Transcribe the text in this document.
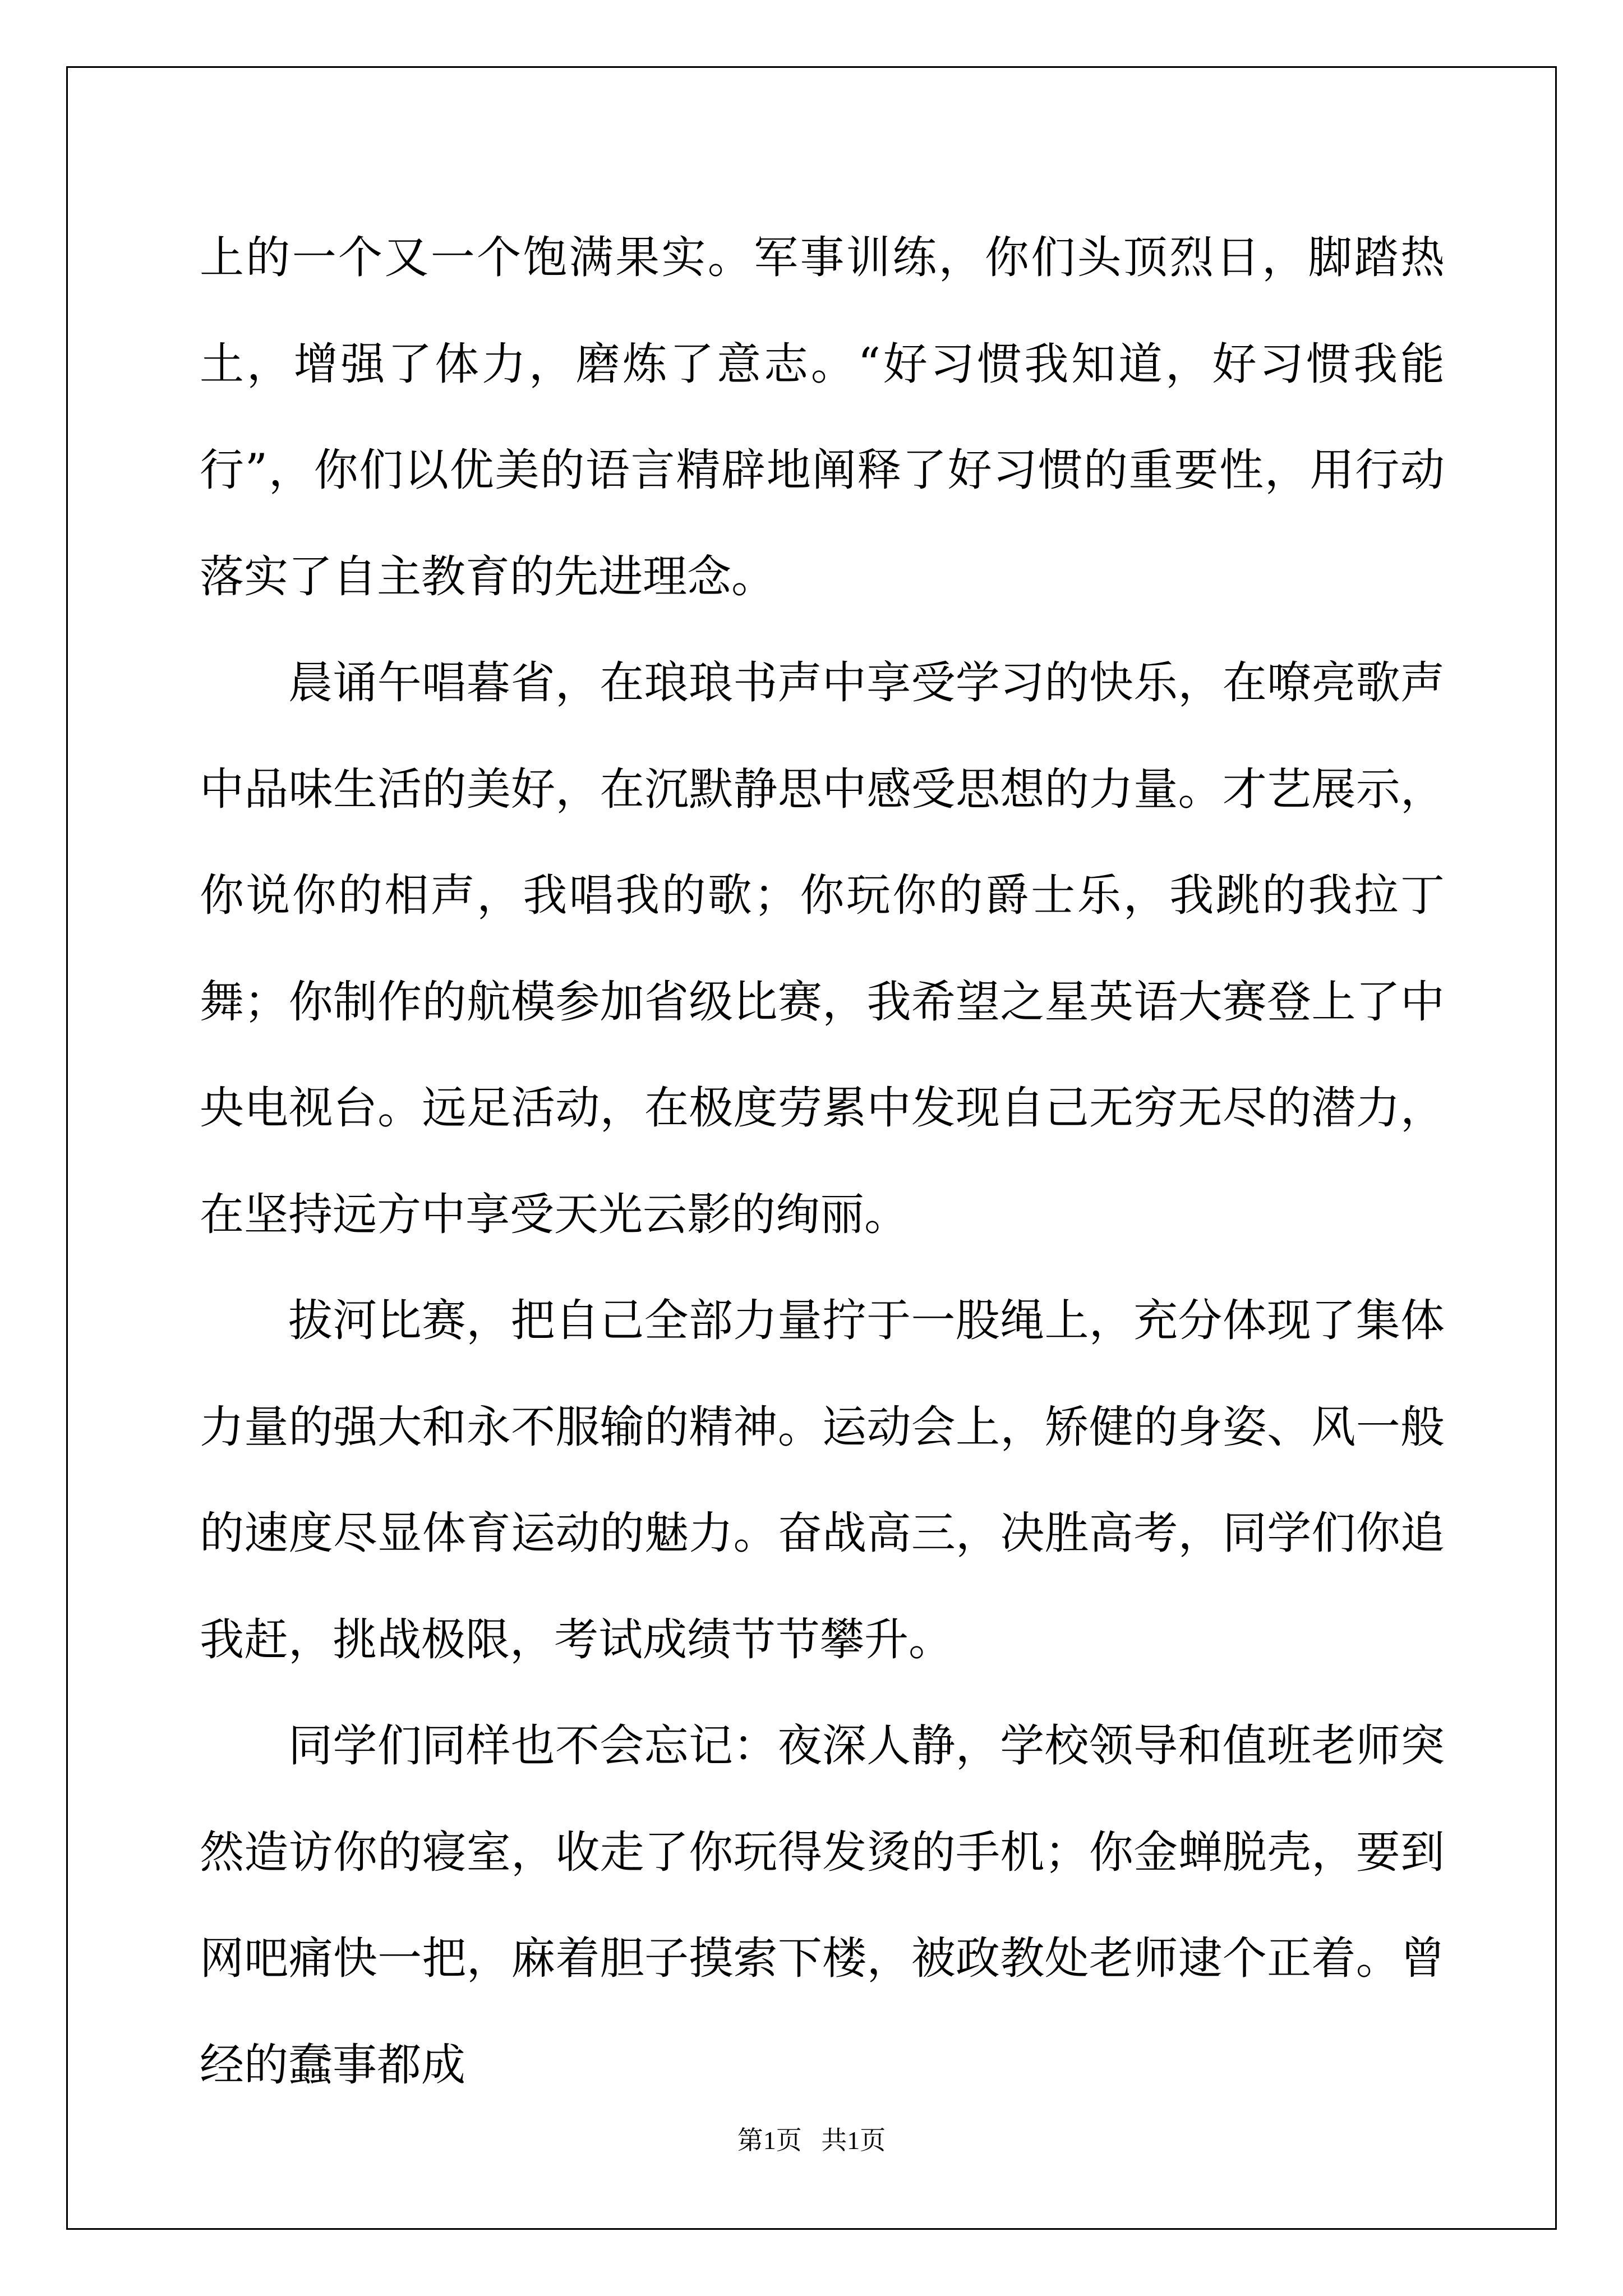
上的一个又一个饱满果实。军事训练，你们头顶烈日，脚踏热土，增强了体力，磨炼了意志。“好习惯我知道，好习惯我能行”，你们以优美的语言精辟地阐释了好习惯的重要性，用行动落实了自主教育的先进理念。

晨诵午唱暮省，在琅琅书声中享受学习的快乐，在嘹亮歌声中品味生活的美好，在沉默静思中感受思想的力量。才艺展示，你说你的相声，我唱我的歌；你玩你的爵士乐，我跳的我拉丁舞；你制作的航模参加省级比赛，我希望之星英语大赛登上了中央电视台。远足活动，在极度劳累中发现自己无穷无尽的潜力，在坚持远方中享受天光云影的绚丽。

拔河比赛，把自己全部力量拧于一股绳上，充分体现了集体力量的强大和永不服输的精神。运动会上，矫健的身姿、风一般的速度尽显体育运动的魅力。奋战高三，决胜高考，同学们你追我赶，挑战极限，考试成绩节节攀升。

同学们同样也不会忘记：夜深人静，学校领导和值班老师突然造访你的寝室，收走了你玩得发烫的手机；你金蝉脱壳，要到网吧痛快一把，麻着胆子摸索下楼，被政教处老师逮个正着。曾经的蠢事都成

第1页   共1页
